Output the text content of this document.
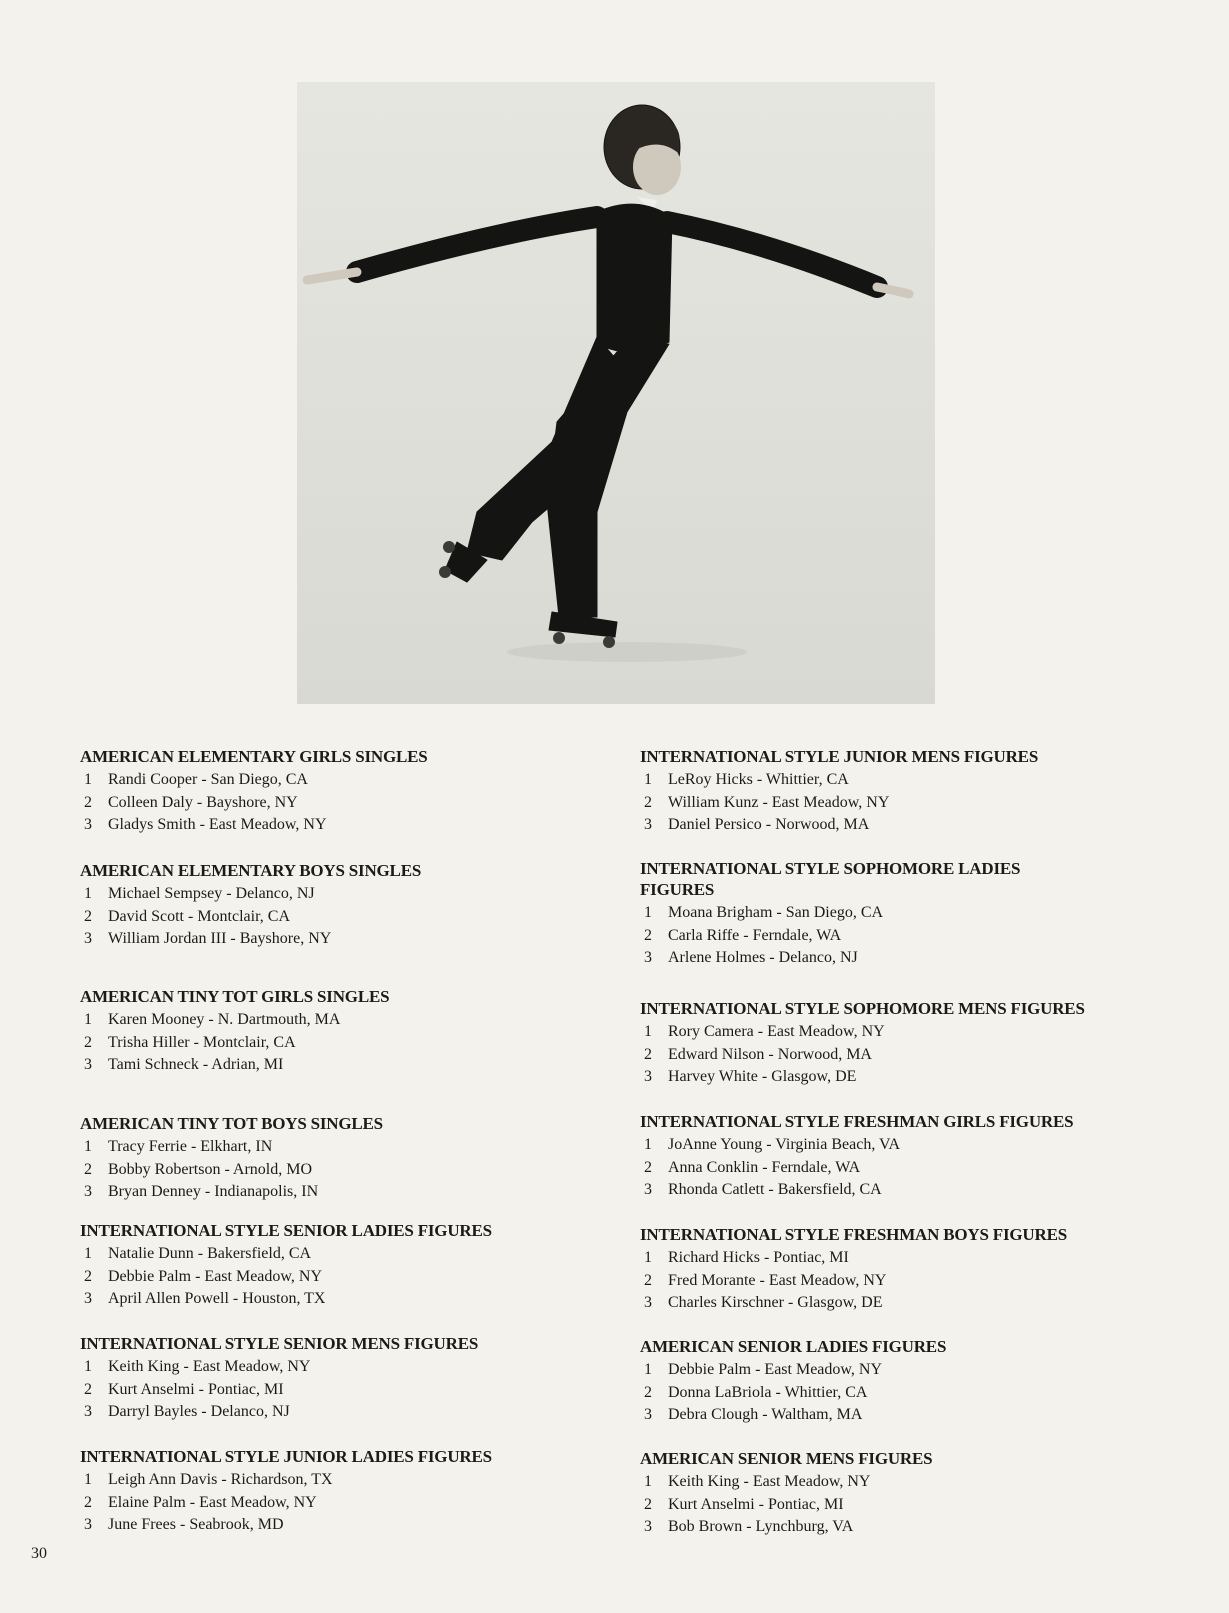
AMERICAN ELEMENTARY GIRLS SINGLES
1	Randi Cooper - San Diego, CA
2	Colleen Daly - Bayshore, NY
3	Gladys Smith - East Meadow, NY
AMERICAN ELEMENTARY BOYS SINGLES
1	Michael Sempsey - Delanco, NJ
2	David Scott - Montclair, CA
3	William Jordan III - Bayshore, NY
AMERICAN TINY TOT GIRLS SINGLES
1	Karen Mooney - N. Dartmouth, MA
2	Trisha Hiller - Montclair, CA
3	Tami Schneck - Adrian, MI
AMERICAN TINY TOT BOYS SINGLES
1	Tracy Ferrie - Elkhart, IN
2	Bobby Robertson - Arnold, MO
3	Bryan Denney - Indianapolis, IN
INTERNATIONAL STYLE SENIOR LADIES FIGURES
1	Natalie Dunn - Bakersfield, CA
2	Debbie Palm - East Meadow, NY
3	April Allen Powell - Houston, TX
INTERNATIONAL STYLE SENIOR MENS FIGURES
1	Keith King - East Meadow, NY
2	Kurt Anselmi - Pontiac, MI
3	Darryl Bayles - Delanco, NJ
INTERNATIONAL STYLE JUNIOR LADIES FIGURES
1	Leigh Ann Davis - Richardson, TX
2	Elaine Palm - East Meadow, NY
3	June Frees - Seabrook, MD
INTERNATIONAL STYLE JUNIOR MENS FIGURES
1	LeRoy Hicks - Whittier, CA
2	William Kunz - East Meadow, NY
3	Daniel Persico - Norwood, MA
INTERNATIONAL STYLE SOPHOMORE LADIES FIGURES
1	Moana Brigham - San Diego, CA
2	Carla Riffe - Ferndale, WA
3	Arlene Holmes - Delanco, NJ
INTERNATIONAL STYLE SOPHOMORE MENS FIGURES
1	Rory Camera - East Meadow, NY
2	Edward Nilson - Norwood, MA
3	Harvey White - Glasgow, DE
INTERNATIONAL STYLE FRESHMAN GIRLS FIGURES
1	JoAnne Young - Virginia Beach, VA
2	Anna Conklin - Ferndale, WA
3	Rhonda Catlett - Bakersfield, CA
INTERNATIONAL STYLE FRESHMAN BOYS FIGURES
1	Richard Hicks - Pontiac, MI
2	Fred Morante - East Meadow, NY
3	Charles Kirschner - Glasgow, DE
AMERICAN SENIOR LADIES FIGURES
1	Debbie Palm - East Meadow, NY
2	Donna LaBriola - Whittier, CA
3	Debra Clough - Waltham, MA
AMERICAN SENIOR MENS FIGURES
1	Keith King - East Meadow, NY
2	Kurt Anselmi - Pontiac, MI
3	Bob Brown - Lynchburg, VA
30
